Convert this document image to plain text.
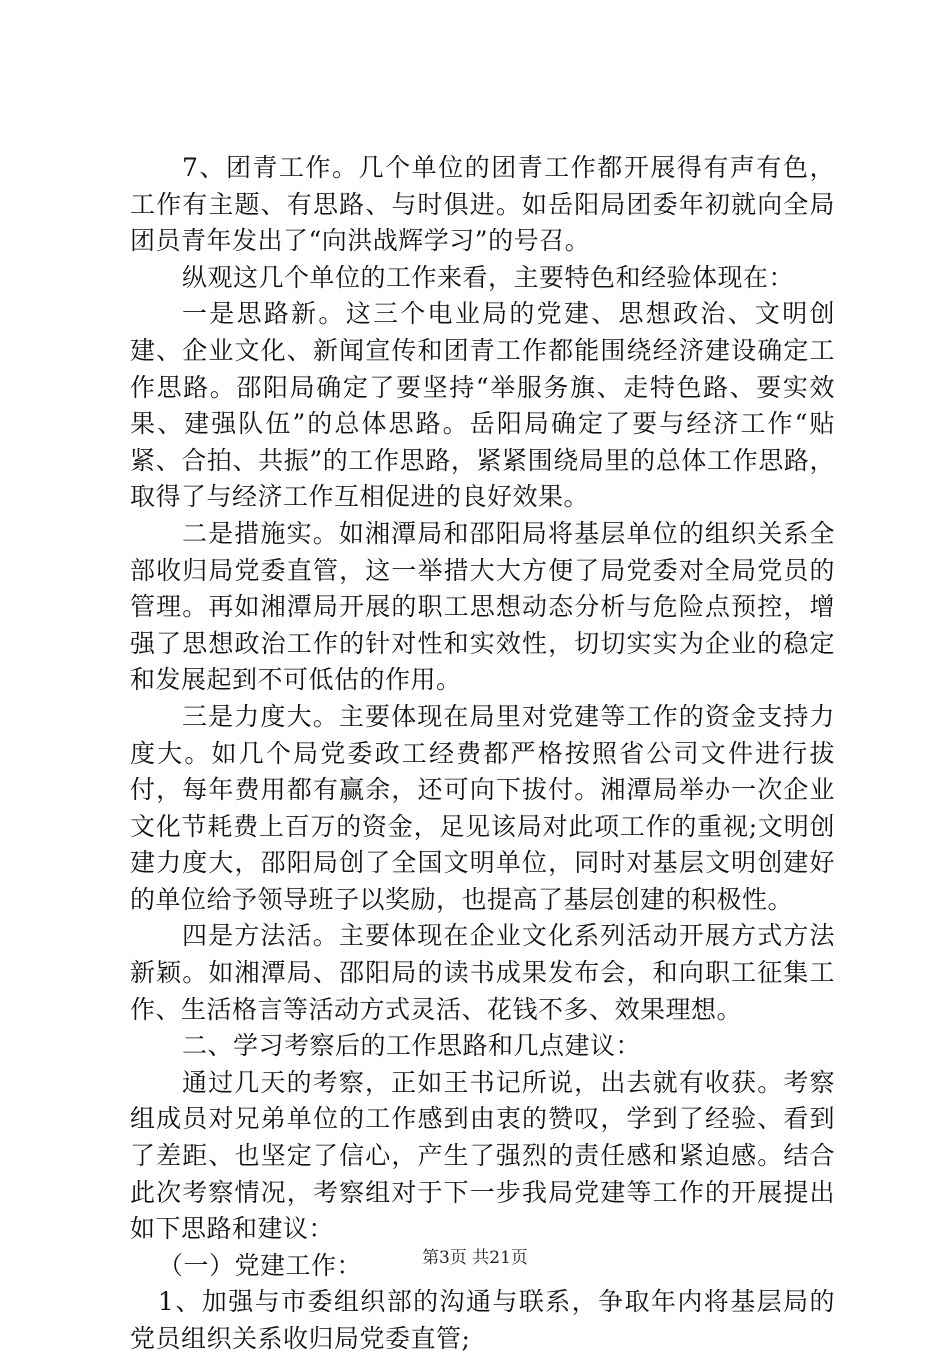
7、团青工作。几个单位的团青工作都开展得有声有色，工作有主题、有思路、与时俱进。如岳阳局团委年初就向全局团员青年发出了“向洪战辉学习”的号召。

纵观这几个单位的工作来看，主要特色和经验体现在：

一是思路新。这三个电业局的党建、思想政治、文明创建、企业文化、新闻宣传和团青工作都能围绕经济建设确定工作思路。邵阳局确定了要坚持“举服务旗、走特色路、要实效果、建强队伍”的总体思路。岳阳局确定了要与经济工作“贴紧、合拍、共振”的工作思路，紧紧围绕局里的总体工作思路，取得了与经济工作互相促进的良好效果。

二是措施实。如湘潭局和邵阳局将基层单位的组织关系全部收归局党委直管，这一举措大大方便了局党委对全局党员的管理。再如湘潭局开展的职工思想动态分析与危险点预控，增强了思想政治工作的针对性和实效性，切切实实为企业的稳定和发展起到不可低估的作用。

三是力度大。主要体现在局里对党建等工作的资金支持力度大。如几个局党委政工经费都严格按照省公司文件进行拔付，每年费用都有赢余，还可向下拔付。湘潭局举办一次企业文化节耗费上百万的资金，足见该局对此项工作的重视;文明创建力度大，邵阳局创了全国文明单位，同时对基层文明创建好的单位给予领导班子以奖励，也提高了基层创建的积极性。

四是方法活。主要体现在企业文化系列活动开展方式方法新颖。如湘潭局、邵阳局的读书成果发布会，和向职工征集工作、生活格言等活动方式灵活、花钱不多、效果理想。

二、学习考察后的工作思路和几点建议：

通过几天的考察，正如王书记所说，出去就有收获。考察组成员对兄弟单位的工作感到由衷的赞叹，学到了经验、看到了差距、也坚定了信心，产生了强烈的责任感和紧迫感。结合此次考察情况，考察组对于下一步我局党建等工作的开展提出如下思路和建议：

（一）党建工作：

1、加强与市委组织部的沟通与联系，争取年内将基层局的党员组织关系收归局党委直管;

第3页 共21页
